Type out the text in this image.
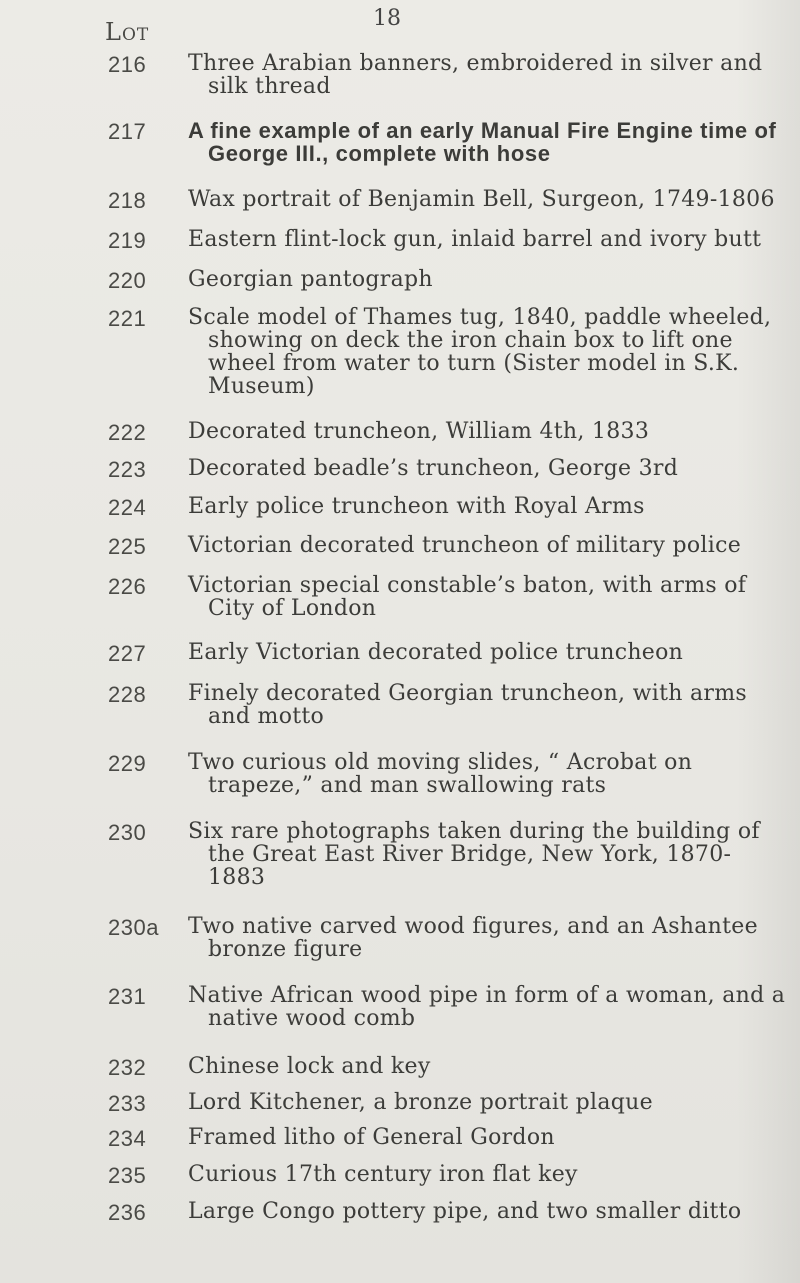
18
Lot
216 Three Arabian banners, embroidered in silver and silk thread
217 A fine example of an early Manual Fire Engine time of George III., complete with hose
218 Wax portrait of Benjamin Bell, Surgeon, 1749-1806
219 Eastern flint-lock gun, inlaid barrel and ivory butt
220 Georgian pantograph
221 Scale model of Thames tug, 1840, paddle wheeled, showing on deck the iron chain box to lift one wheel from water to turn (Sister model in S.K. Museum)
222 Decorated truncheon, William 4th, 1833
223 Decorated beadle’s truncheon, George 3rd
224 Early police truncheon with Royal Arms
225 Victorian decorated truncheon of military police
226 Victorian special constable’s baton, with arms of City of London
227 Early Victorian decorated police truncheon
228 Finely decorated Georgian truncheon, with arms and motto
229 Two curious old moving slides, “ Acrobat on trapeze,” and man swallowing rats
230 Six rare photographs taken during the building of the Great East River Bridge, New York, 1870-1883
230a Two native carved wood figures, and an Ashantee bronze figure
231 Native African wood pipe in form of a woman, and a native wood comb
232 Chinese lock and key
233 Lord Kitchener, a bronze portrait plaque
234 Framed litho of General Gordon
235 Curious 17th century iron flat key
236 Large Congo pottery pipe, and two smaller ditto
